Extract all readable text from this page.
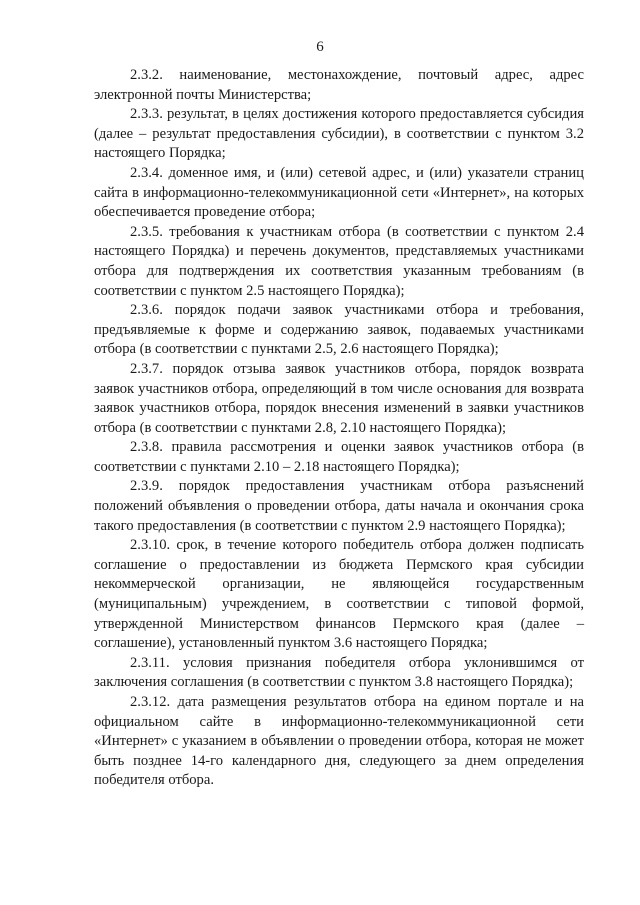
6

2.3.2. наименование, местонахождение, почтовый адрес, адрес электронной почты Министерства;

2.3.3. результат, в целях достижения которого предоставляется субсидия (далее – результат предоставления субсидии), в соответствии с пунктом 3.2 настоящего Порядка;

2.3.4. доменное имя, и (или) сетевой адрес, и (или) указатели страниц сайта в информационно-телекоммуникационной сети «Интернет», на которых обеспечивается проведение отбора;

2.3.5. требования к участникам отбора (в соответствии с пунктом 2.4 настоящего Порядка) и перечень документов, представляемых участниками отбора для подтверждения их соответствия указанным требованиям (в соответствии с пунктом 2.5 настоящего Порядка);

2.3.6. порядок подачи заявок участниками отбора и требования, предъявляемые к форме и содержанию заявок, подаваемых участниками отбора (в соответствии с пунктами 2.5, 2.6 настоящего Порядка);

2.3.7. порядок отзыва заявок участников отбора, порядок возврата заявок участников отбора, определяющий в том числе основания для возврата заявок участников отбора, порядок внесения изменений в заявки участников отбора (в соответствии с пунктами 2.8, 2.10 настоящего Порядка);

2.3.8. правила рассмотрения и оценки заявок участников отбора (в соответствии с пунктами 2.10 – 2.18 настоящего Порядка);

2.3.9. порядок предоставления участникам отбора разъяснений положений объявления о проведении отбора, даты начала и окончания срока такого предоставления (в соответствии с пунктом 2.9 настоящего Порядка);

2.3.10. срок, в течение которого победитель отбора должен подписать соглашение о предоставлении из бюджета Пермского края субсидии некоммерческой организации, не являющейся государственным (муниципальным) учреждением, в соответствии с типовой формой, утвержденной Министерством финансов Пермского края (далее – соглашение), установленный пунктом 3.6 настоящего Порядка;

2.3.11. условия признания победителя отбора уклонившимся от заключения соглашения (в соответствии с пунктом 3.8 настоящего Порядка);

2.3.12. дата размещения результатов отбора на едином портале и на официальном сайте в информационно-телекоммуникационной сети «Интернет» с указанием в объявлении о проведении отбора, которая не может быть позднее 14-го календарного дня, следующего за днем определения победителя отбора.
